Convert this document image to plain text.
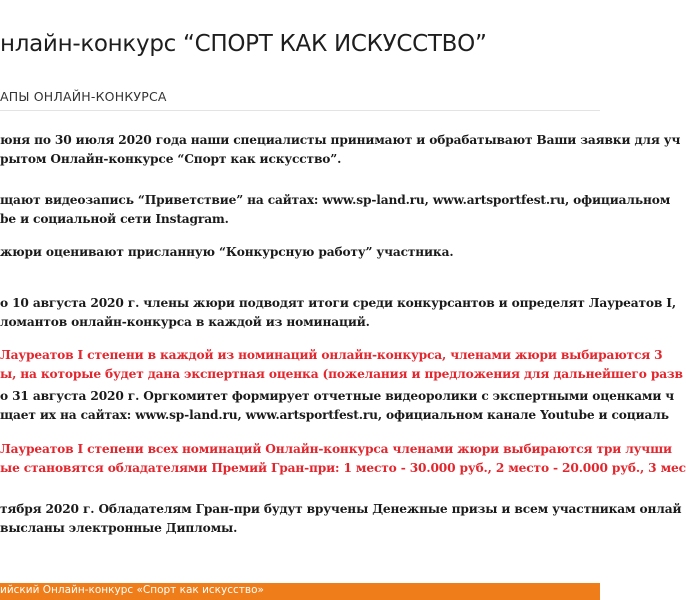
нлайн-конкурс “СПОРТ КАК ИСКУССТВО”
АПЫ ОНЛАЙН-КОНКУРСА
юня по 30 июля 2020 года наши специалисты принимают и обрабатывают Ваши заявки для уч
рытом Онлайн-конкурсе “Спорт как искусство”.
щают видеозапись “Приветствие” на сайтах: www.sp-land.ru, www.artsportfest.ru, официальном
be и социальной сети Instagram.
жюри оценивают присланную “Конкурсную работу” участника.
о 10 августа 2020 г. члены жюри подводят итоги среди конкурсантов и определят Лауреатов I,
ломантов онлайн-конкурса в каждой из номинаций.
Лауреатов I степени в каждой из номинаций онлайн-конкурса, членами жюри выбираются 3
ы, на которые будет дана экспертная оценка (пожелания и предложения для дальнейшего разв
о 31 августа 2020 г. Оргкомитет формирует отчетные видеоролики с экспертными оценками ч
щает их на сайтах: www.sp-land.ru, www.artsportfest.ru, официальном канале Youtube и социаль
Лауреатов I степени всех номинаций Онлайн-конкурса членами жюри выбираются три лучши
ые становятся обладателями Премий Гран-при: 1 место - 30.000 руб., 2 место - 20.000 руб., 3 мес
тября 2020 г. Обладателям Гран-при будут вручены Денежные призы и всем участникам онлай
высланы электронные Дипломы.
ийский Онлайн-конкурс «Спорт как искусство»
